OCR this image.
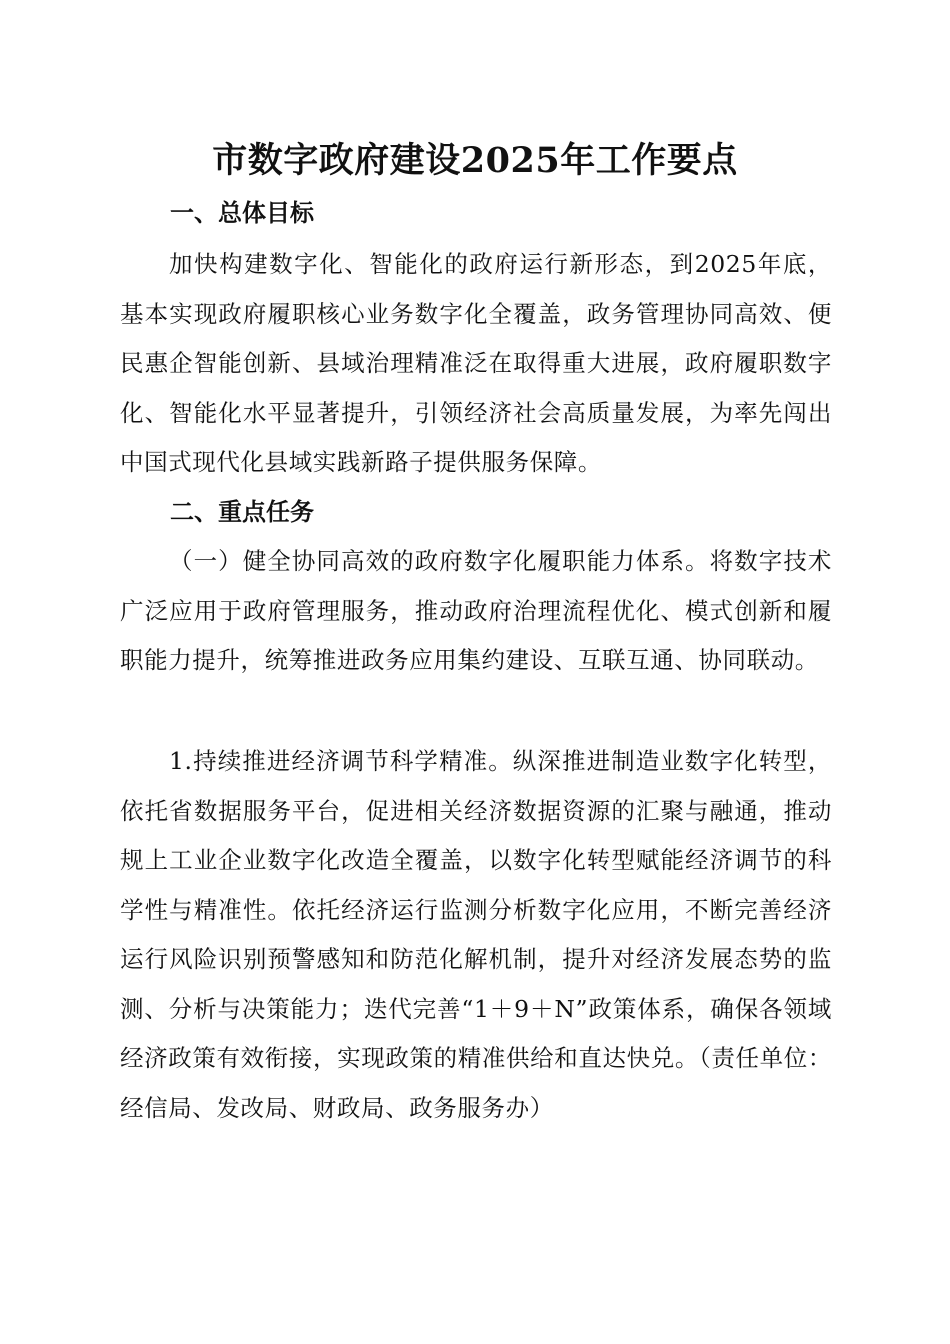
市数字政府建设2025年工作要点
一、总体目标

加快构建数字化、智能化的政府运行新形态，到2025年底，基本实现政府履职核心业务数字化全覆盖，政务管理协同高效、便民惠企智能创新、县域治理精准泛在取得重大进展，政府履职数字化、智能化水平显著提升，引领经济社会高质量发展，为率先闯出中国式现代化县域实践新路子提供服务保障。

二、重点任务

（一）健全协同高效的政府数字化履职能力体系。将数字技术广泛应用于政府管理服务，推动政府治理流程优化、模式创新和履职能力提升，统筹推进政务应用集约建设、互联互通、协同联动。

1.持续推进经济调节科学精准。纵深推进制造业数字化转型，依托省数据服务平台，促进相关经济数据资源的汇聚与融通，推动规上工业企业数字化改造全覆盖，以数字化转型赋能经济调节的科学性与精准性。依托经济运行监测分析数字化应用，不断完善经济运行风险识别预警感知和防范化解机制，提升对经济发展态势的监测、分析与决策能力；迭代完善“1＋9＋N”政策体系，确保各领域经济政策有效衔接，实现政策的精准供给和直达快兑。（责任单位：经信局、发改局、财政局、政务服务办）
